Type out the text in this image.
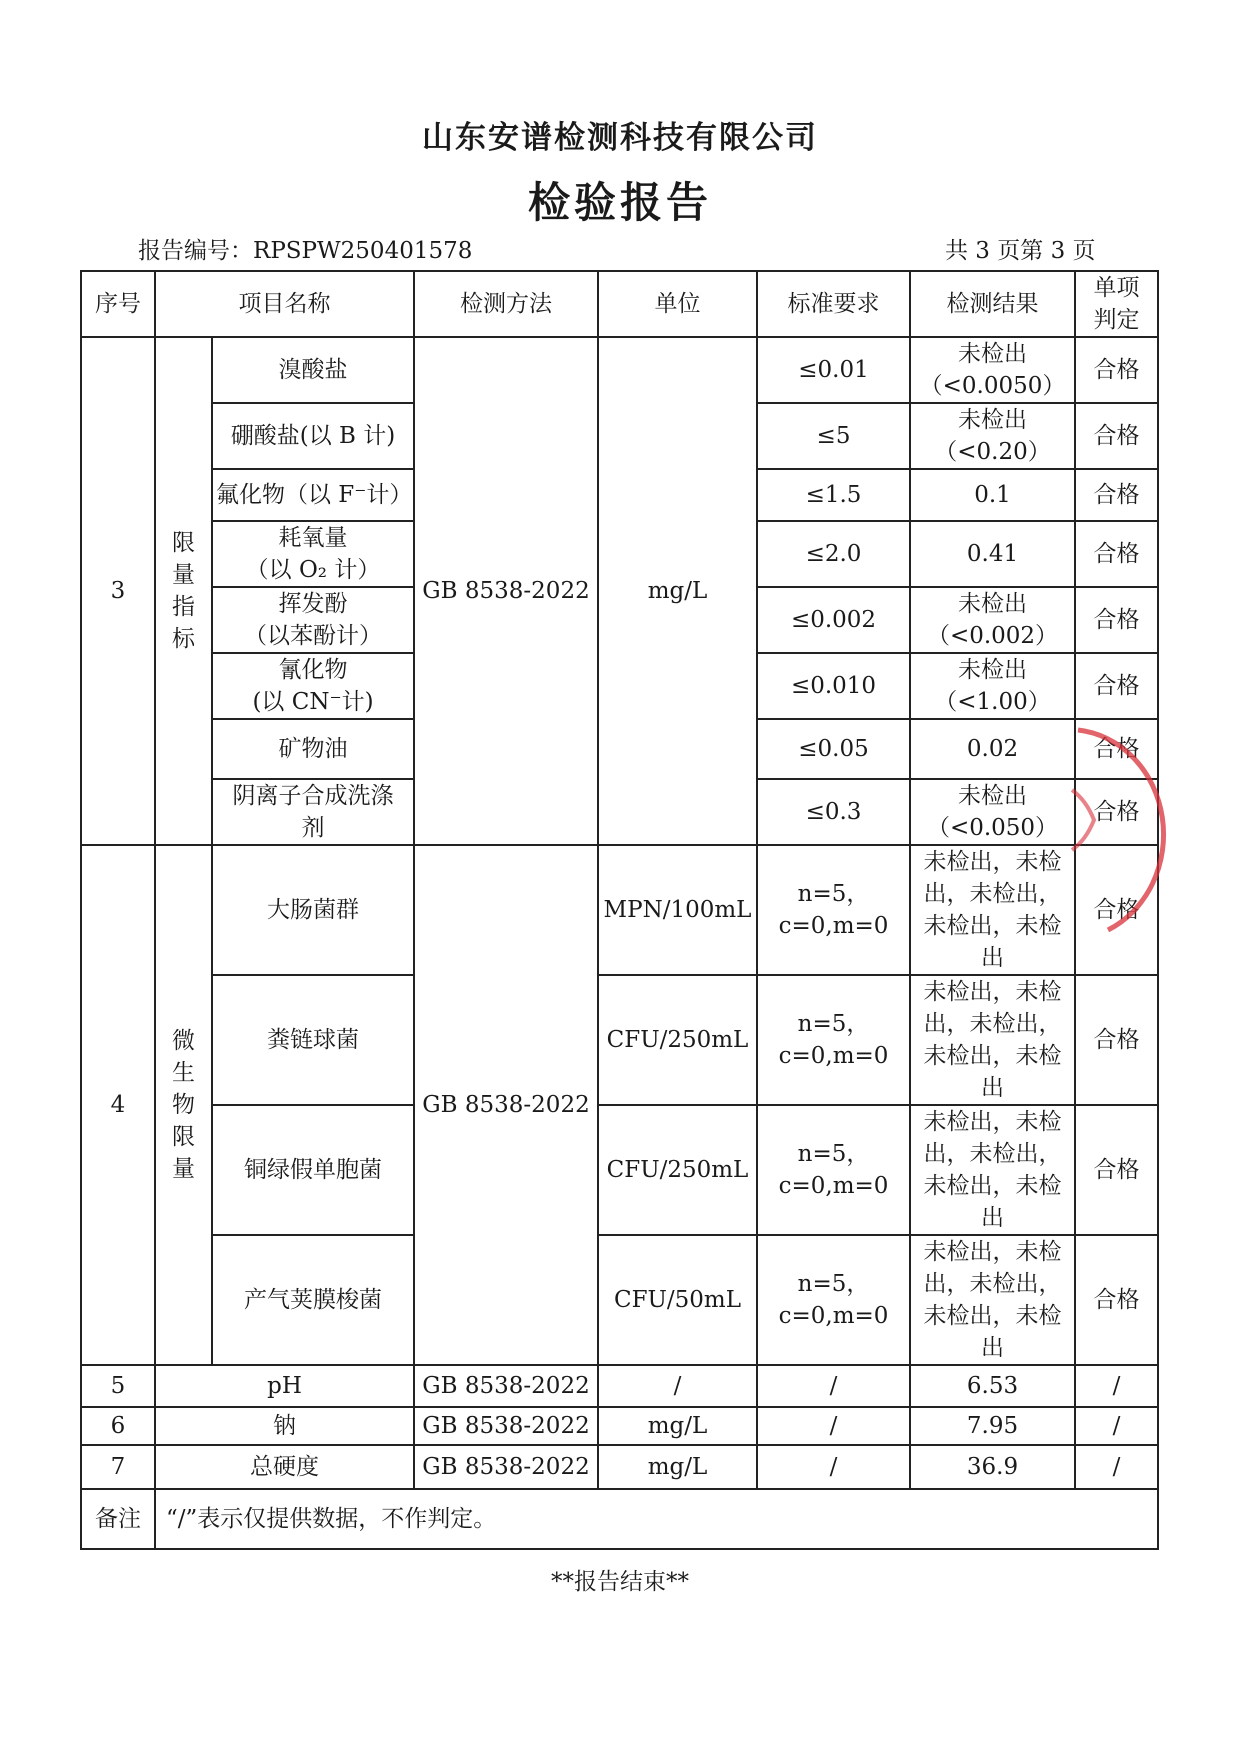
山东安谱检测科技有限公司
检验报告
报告编号：RPSPW250401578	共 3 页第 3 页
序号	项目名称		检测方法	单位	标准要求	检测结果	单项
判定
3	限
量
指
标	溴酸盐	GB 8538-2022	mg/L	≤0.01	未检出
（<0.0050）	合格
		硼酸盐(以 B 计)			≤5	未检出
（<0.20）	合格
		氟化物（以 F⁻计）			≤1.5	0.1	合格
		耗氧量
（以 O₂ 计）			≤2.0	0.41	合格
		挥发酚
（以苯酚计）			≤0.002	未检出
（<0.002）	合格
		氰化物
(以 CN⁻计)			≤0.010	未检出
（<1.00）	合格
		矿物油			≤0.05	0.02	合格
		阴离子合成洗涤
剂			≤0.3	未检出
（<0.050）	合格
4	微
生
物
限
量	大肠菌群	GB 8538-2022	MPN/100mL	n=5，
c=0,m=0	未检出，未检
出，未检出，
未检出，未检
出	合格
		粪链球菌		CFU/250mL	n=5，
c=0,m=0	未检出，未检
出，未检出，
未检出，未检
出	合格
		铜绿假单胞菌		CFU/250mL	n=5，
c=0,m=0	未检出，未检
出，未检出，
未检出，未检
出	合格
		产气荚膜梭菌		CFU/50mL	n=5，
c=0,m=0	未检出，未检
出，未检出，
未检出，未检
出	合格
5	pH		GB 8538-2022	/	/	6.53	/
6	钠		GB 8538-2022	mg/L	/	7.95	/
7	总硬度		GB 8538-2022	mg/L	/	36.9	/
备注	“/”表示仅提供数据，不作判定。						
**报告结束**
